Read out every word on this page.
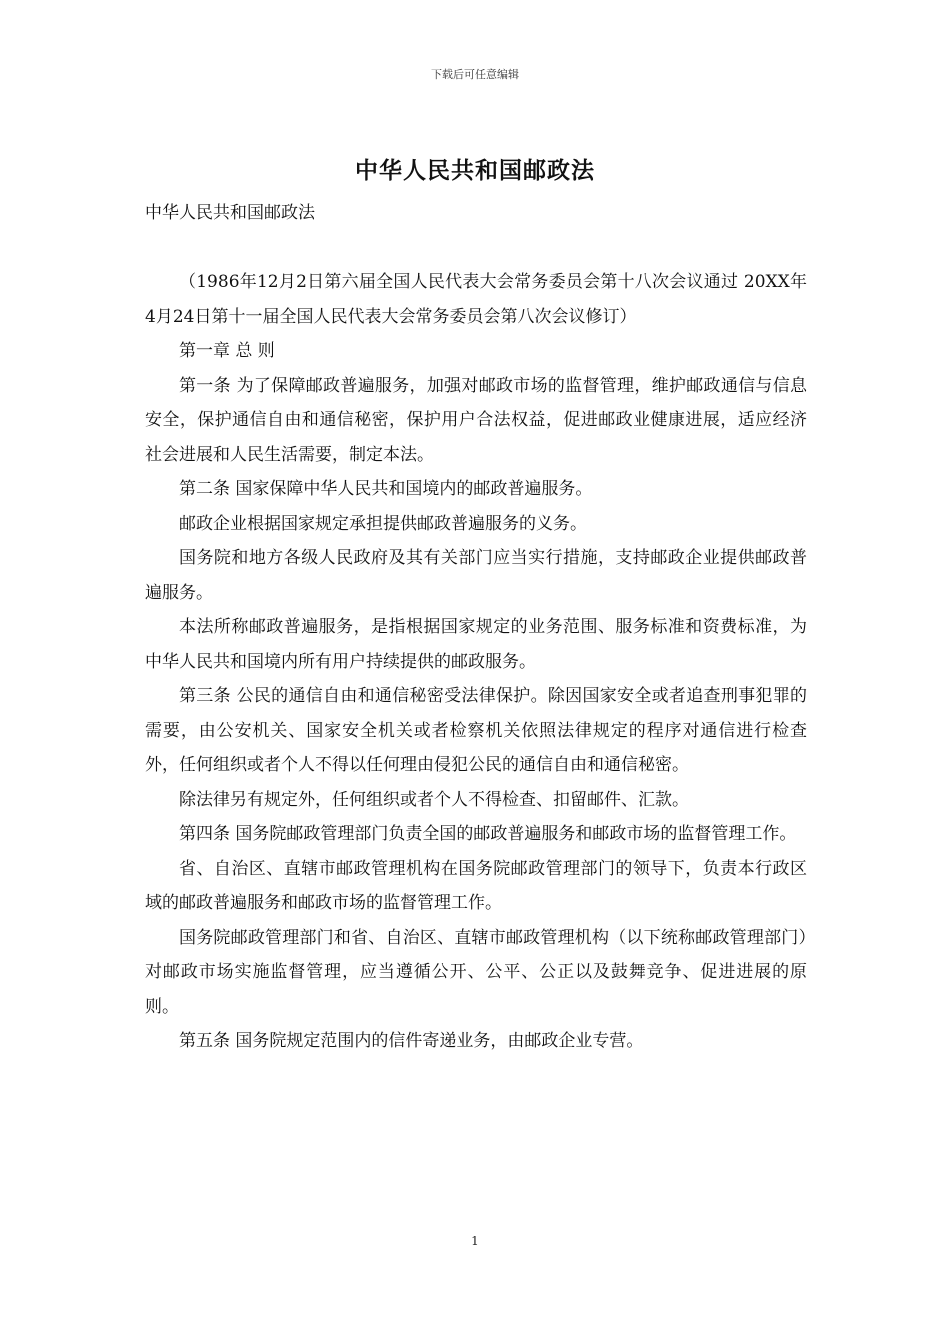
下载后可任意编辑
中华人民共和国邮政法

中华人民共和国邮政法

（1986年12月2日第六届全国人民代表大会常务委员会第十八次会议通过 20XX年4月24日第十一届全国人民代表大会常务委员会第八次会议修订）

第一章 总 则

第一条 为了保障邮政普遍服务，加强对邮政市场的监督管理，维护邮政通信与信息安全，保护通信自由和通信秘密，保护用户合法权益，促进邮政业健康进展，适应经济社会进展和人民生活需要，制定本法。

第二条 国家保障中华人民共和国境内的邮政普遍服务。

邮政企业根据国家规定承担提供邮政普遍服务的义务。

国务院和地方各级人民政府及其有关部门应当实行措施，支持邮政企业提供邮政普遍服务。

本法所称邮政普遍服务，是指根据国家规定的业务范围、服务标准和资费标准，为中华人民共和国境内所有用户持续提供的邮政服务。

第三条 公民的通信自由和通信秘密受法律保护。除因国家安全或者追查刑事犯罪的需要，由公安机关、国家安全机关或者检察机关依照法律规定的程序对通信进行检查外，任何组织或者个人不得以任何理由侵犯公民的通信自由和通信秘密。

除法律另有规定外，任何组织或者个人不得检查、扣留邮件、汇款。

第四条 国务院邮政管理部门负责全国的邮政普遍服务和邮政市场的监督管理工作。

省、自治区、直辖市邮政管理机构在国务院邮政管理部门的领导下，负责本行政区域的邮政普遍服务和邮政市场的监督管理工作。

国务院邮政管理部门和省、自治区、直辖市邮政管理机构（以下统称邮政管理部门）对邮政市场实施监督管理，应当遵循公开、公平、公正以及鼓舞竞争、促进进展的原则。

第五条 国务院规定范围内的信件寄递业务，由邮政企业专营。

1
